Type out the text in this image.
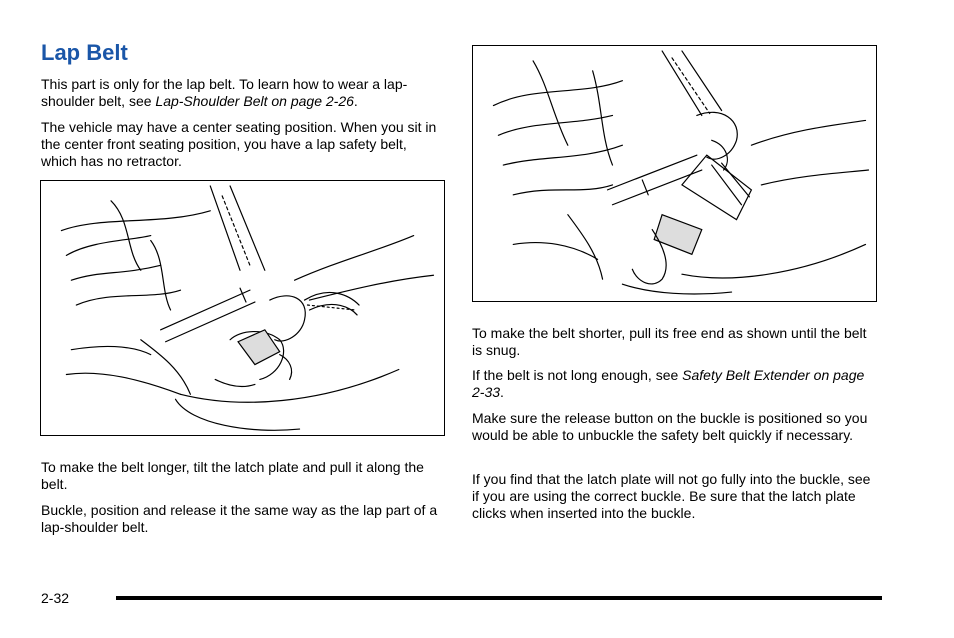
Lap Belt

This part is only for the lap belt. To learn how to wear a lap-shoulder belt, see Lap-Shoulder Belt on page 2-26.

The vehicle may have a center seating position. When you sit in the center front seating position, you have a lap safety belt, which has no retractor.

To make the belt longer, tilt the latch plate and pull it along the belt.

Buckle, position and release it the same way as the lap part of a lap-shoulder belt.

To make the belt shorter, pull its free end as shown until the belt is snug.

If the belt is not long enough, see Safety Belt Extender on page 2-33.

Make sure the release button on the buckle is positioned so you would be able to unbuckle the safety belt quickly if necessary.

If you find that the latch plate will not go fully into the buckle, see if you are using the correct buckle. Be sure that the latch plate clicks when inserted into the buckle.

2-32
